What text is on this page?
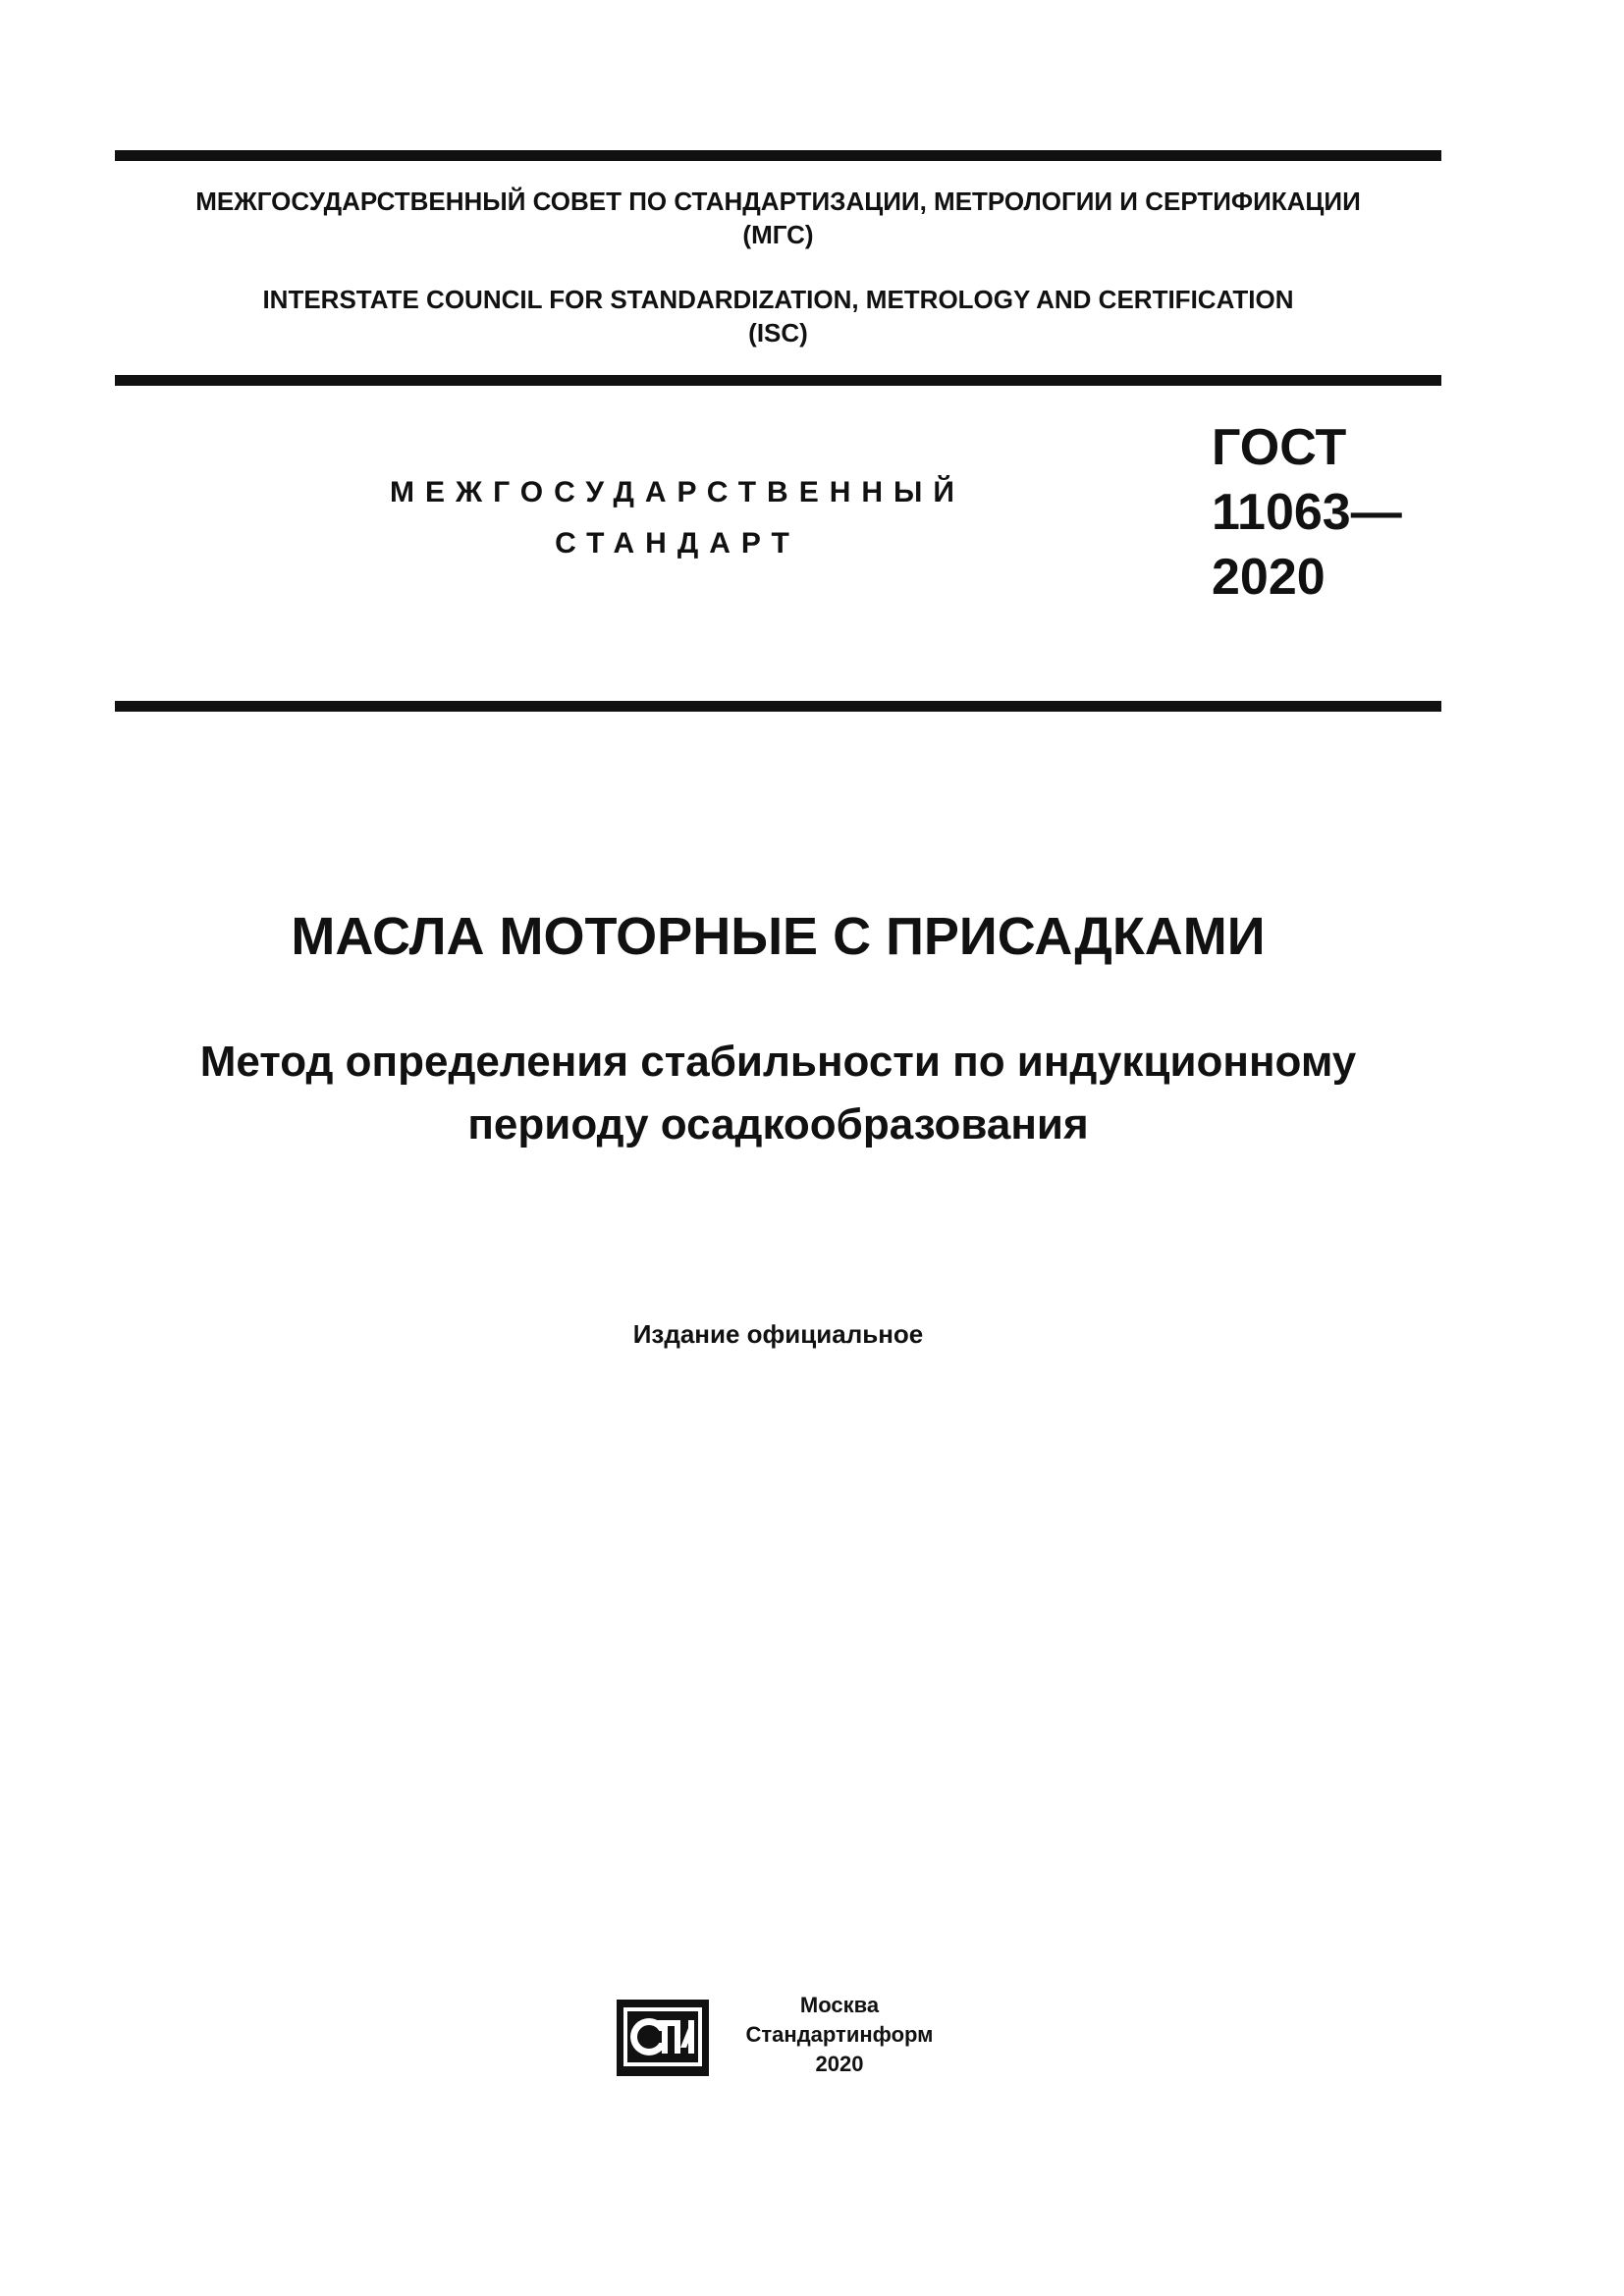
МЕЖГОСУДАРСТВЕННЫЙ СОВЕТ ПО СТАНДАРТИЗАЦИИ, МЕТРОЛОГИИ И СЕРТИФИКАЦИИ
(МГС)
INTERSTATE COUNCIL FOR STANDARDIZATION, METROLOGY AND CERTIFICATION
(ISC)
МЕЖГОСУДАРСТВЕННЫЙ
СТАНДАРТ
ГОСТ
11063—
2020
МАСЛА МОТОРНЫЕ С ПРИСАДКАМИ
Метод определения стабильности по индукционному
периоду осадкообразования
Издание официальное
Москва
Стандартинформ
2020
